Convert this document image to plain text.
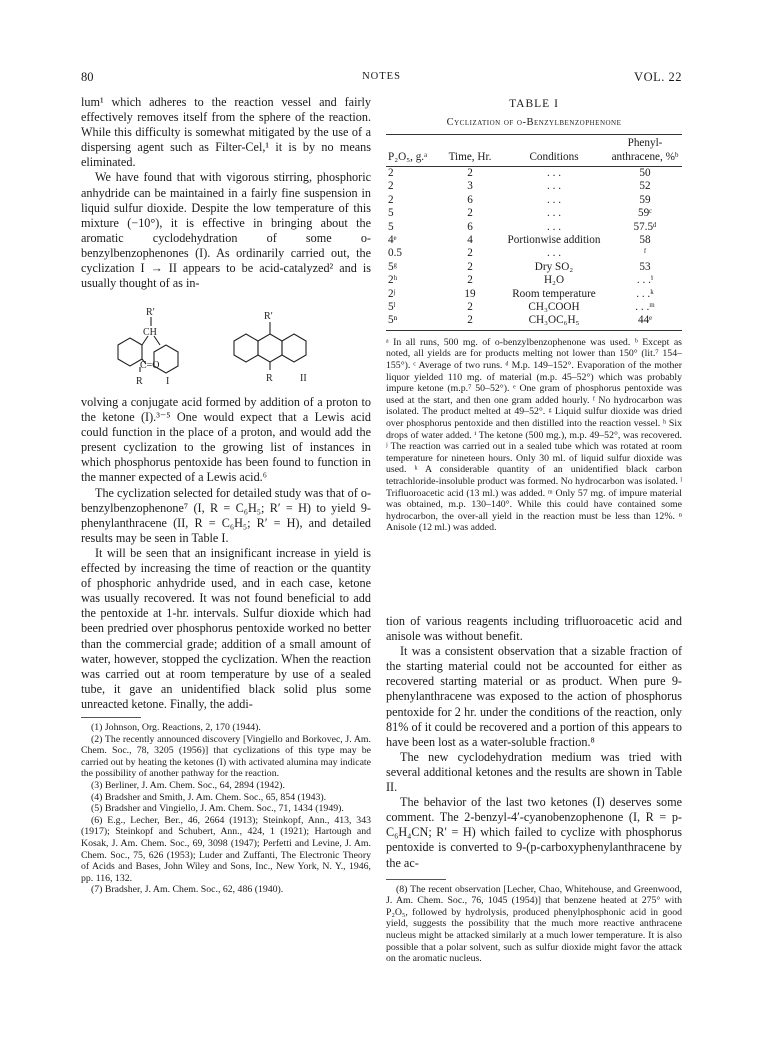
80	NOTES	VOL. 22

lum¹ which adheres to the reaction vessel and fairly effectively removes itself from the sphere of the reaction. While this difficulty is somewhat mitigated by the use of a dispersing agent such as Filter-Cel,¹ it is by no means eliminated.

We have found that with vigorous stirring, phosphoric anhydride can be maintained in a fairly fine suspension in liquid sulfur dioxide. Despite the low temperature of this mixture (−10°), it is effective in bringing about the aromatic cyclodehydration of some o-benzylbenzophenones (I). As ordinarily carried out, the cyclization I → II appears to be acid-catalyzed² and is usually thought of as in-

R′
CH
C=O
R I
R′
R	II

volving a conjugate acid formed by addition of a proton to the ketone (I).³⁻⁵ One would expect that a Lewis acid could function in the place of a proton, and would add the present cyclization to the growing list of instances in which phosphorus pentoxide has been found to function in the manner expected of a Lewis acid.⁶

The cyclization selected for detailed study was that of o-benzylbenzophenone⁷ (I, R = C₆H₅; R′ = H) to yield 9-phenylanthracene (II, R = C₆H₅; R′ = H), and detailed results may be seen in Table I.

It will be seen that an insignificant increase in yield is effected by increasing the time of reaction or the quantity of phosphoric anhydride used, and in each case, ketone was usually recovered. It was not found beneficial to add the pentoxide at 1-hr. intervals. Sulfur dioxide which had been predried over phosphorus pentoxide worked no better than the commercial grade; addition of a small amount of water, however, stopped the cyclization. When the reaction was carried out at room temperature by use of a sealed tube, it gave an unidentified black solid plus some unreacted ketone. Finally, the addi-

(1) Johnson, Org. Reactions, 2, 170 (1944).

(2) The recently announced discovery [Vingiello and Borkovec, J. Am. Chem. Soc., 78, 3205 (1956)] that cyclizations of this type may be carried out by heating the ketones (I) with activated alumina may indicate the possibility of another pathway for the reaction.

(3) Berliner, J. Am. Chem. Soc., 64, 2894 (1942).

(4) Bradsher and Smith, J. Am. Chem. Soc., 65, 854 (1943).

(5) Bradsher and Vingiello, J. Am. Chem. Soc., 71, 1434 (1949).

(6) E.g., Lecher, Ber., 46, 2664 (1913); Steinkopf, Ann., 413, 343 (1917); Steinkopf and Schubert, Ann., 424, 1 (1921); Hartough and Kosak, J. Am. Chem. Soc., 69, 3098 (1947); Perfetti and Levine, J. Am. Chem. Soc., 75, 626 (1953); Luder and Zuffanti, The Electronic Theory of Acids and Bases, John Wiley and Sons, Inc., New York, N. Y., 1946, pp. 116, 132.

(7) Bradsher, J. Am. Chem. Soc., 62, 486 (1940).

TABLE I
Cyclization of o-Benzylbenzophenone
P₂O₅, g.ᵃ	Time, Hr.	Conditions	Phenyl-anthracene, %ᵇ
2	2	. . .	50
2	3	. . .	52
2	6	. . .	59
5	2	. . .	59ᶜ
5	6	. . .	57.5ᵈ
4ᵉ	4	Portionwise addition	58
0.5	2	. . .	ᶠ
5ᵍ	2	Dry SO₂	53
2ʰ	2	H₂O	. . .ⁱ
2ʲ	19	Room temperature	. . .ᵏ
5ˡ	2	CH₃COOH	. . .ᵐ
5ⁿ	2	CH₃OC₆H₅	44ᵉ
ᵃ In all runs, 500 mg. of o-benzylbenzophenone was used. ᵇ Except as noted, all yields are for products melting not lower than 150° (lit.⁷ 154–155°). ᶜ Average of two runs. ᵈ M.p. 149–152°. Evaporation of the mother liquor yielded 110 mg. of material (m.p. 45–52°) which was probably impure ketone (m.p.⁷ 50–52°). ᵉ One gram of phosphorus pentoxide was used at the start, and then one gram added hourly. ᶠ No hydrocarbon was isolated. The product melted at 49–52°. ᵍ Liquid sulfur dioxide was dried over phosphorus pentoxide and then distilled into the reaction vessel. ʰ Six drops of water added. ⁱ The ketone (500 mg.), m.p. 49–52°, was recovered. ʲ The reaction was carried out in a sealed tube which was rotated at room temperature for nineteen hours. Only 30 ml. of liquid sulfur dioxide was used. ᵏ A considerable quantity of an unidentified black carbon tetrachloride-insoluble product was formed. No hydrocarbon was isolated. ˡ Trifluoroacetic acid (13 ml.) was added. ᵐ Only 57 mg. of impure material was obtained, m.p. 130–140°. While this could have contained some hydrocarbon, the over-all yield in the reaction must be less than 12%. ⁿ Anisole (12 ml.) was added.

tion of various reagents including trifluoroacetic acid and anisole was without benefit.

It was a consistent observation that a sizable fraction of the starting material could not be accounted for either as recovered starting material or as product. When pure 9-phenylanthracene was exposed to the action of phosphorus pentoxide for 2 hr. under the conditions of the reaction, only 81% of it could be recovered and a portion of this appears to have been lost as a water-soluble fraction.⁸

The new cyclodehydration medium was tried with several additional ketones and the results are shown in Table II.

The behavior of the last two ketones (I) deserves some comment. The 2-benzyl-4′-cyanobenzophenone (I, R = p-C₆H₄CN; R′ = H) which failed to cyclize with phosphorus pentoxide is converted to 9-(p-carboxyphenylanthracene by the ac-

(8) The recent observation [Lecher, Chao, Whitehouse, and Greenwood, J. Am. Chem. Soc., 76, 1045 (1954)] that benzene heated at 275° with P₂O₅, followed by hydrolysis, produced phenylphosphonic acid in good yield, suggests the possibility that the much more reactive anthracene nucleus might be attacked similarly at a much lower temperature. It is also possible that a polar solvent, such as sulfur dioxide might favor the attack on the aromatic nucleus.
